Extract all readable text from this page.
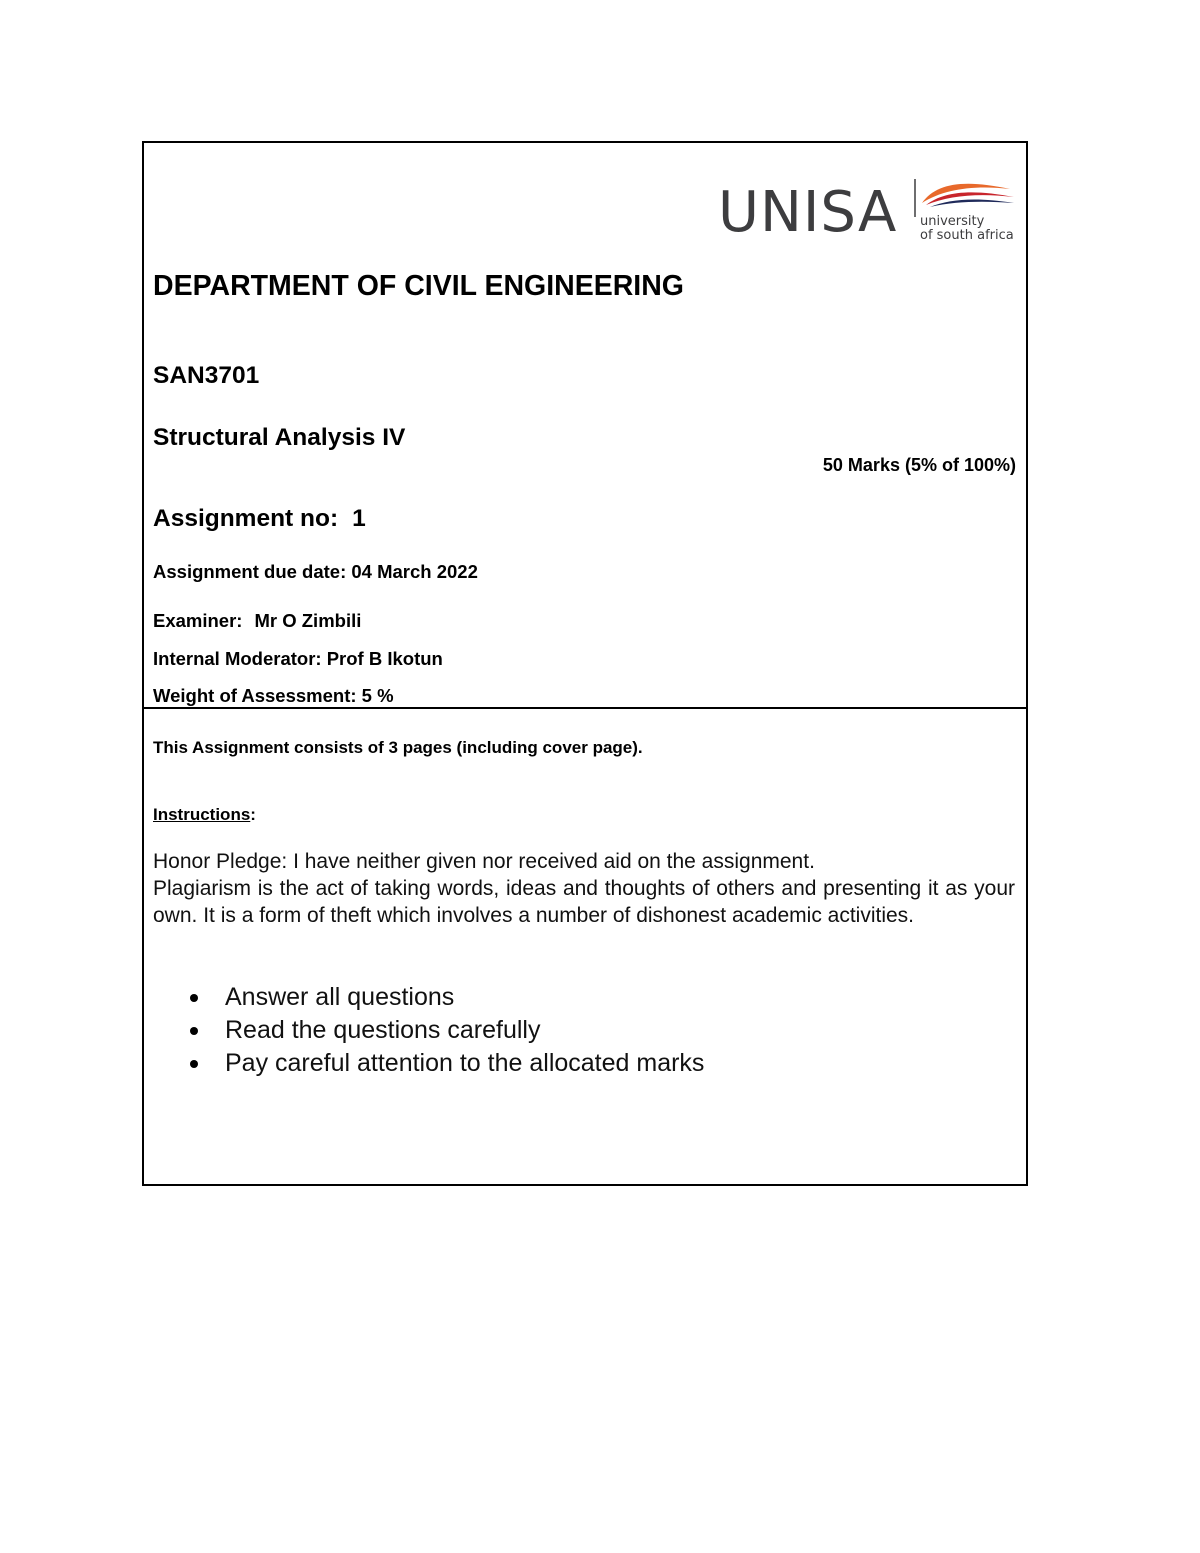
UNISA university
of south africa
DEPARTMENT OF CIVIL ENGINEERING
SAN3701
Structural Analysis IV
50 Marks (5% of 100%)
Assignment no: 1
Assignment due date: 04 March 2022
Examiner: Mr O Zimbili
Internal Moderator: Prof B Ikotun
Weight of Assessment: 5 %
This Assignment consists of 3 pages (including cover page).
Instructions:

Honor Pledge: I have neither given nor received aid on the assignment.

Plagiarism is the act of taking words, ideas and thoughts of others and presenting it as your own. It is a form of theft which involves a number of dishonest academic activities.

Answer all questions
Read the questions carefully
Pay careful attention to the allocated marks
